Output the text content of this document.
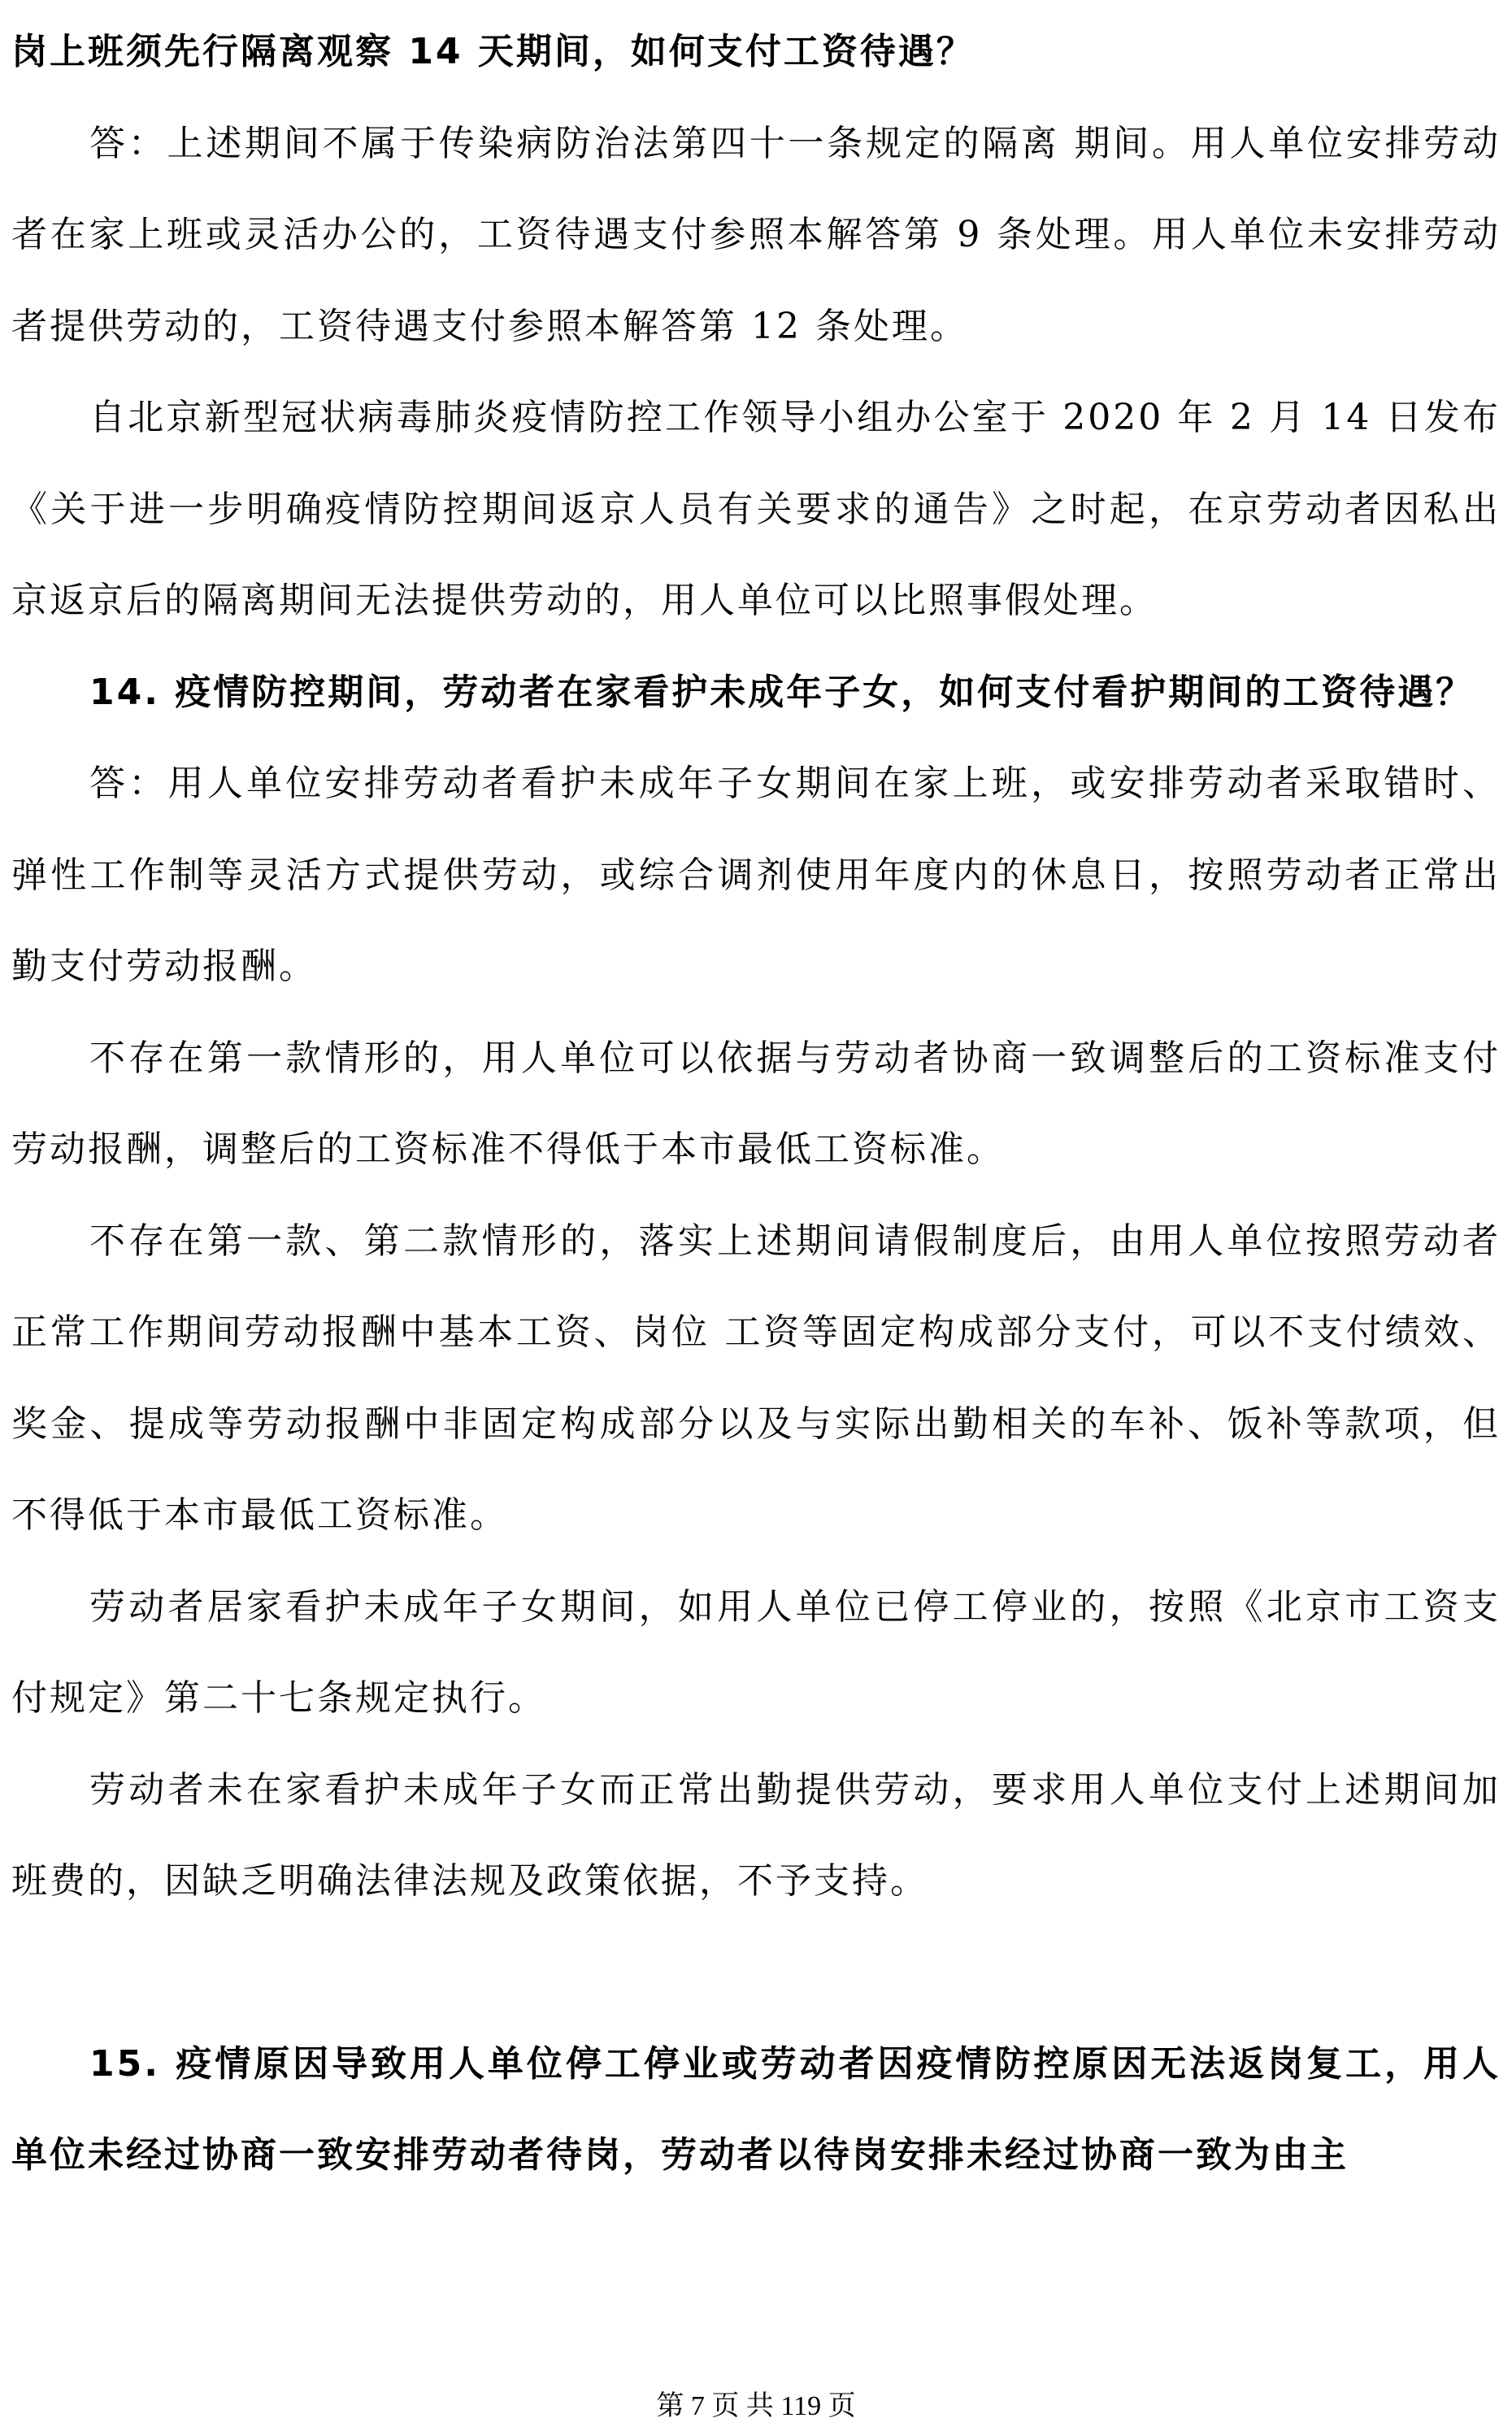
岗上班须先行隔离观察 14 天期间，如何支付工资待遇？

答：上述期间不属于传染病防治法第四十一条规定的隔离 期间。用人单位安排劳动者在家上班或灵活办公的，工资待遇支付参照本解答第 9 条处理。用人单位未安排劳动者提供劳动的，工资待遇支付参照本解答第 12 条处理。

自北京新型冠状病毒肺炎疫情防控工作领导小组办公室于 2020 年 2 月 14 日发布《关于进一步明确疫情防控期间返京人员有关要求的通告》之时起，在京劳动者因私出京返京后的隔离期间无法提供劳动的，用人单位可以比照事假处理。

14. 疫情防控期间，劳动者在家看护未成年子女，如何支付看护期间的工资待遇？

答：用人单位安排劳动者看护未成年子女期间在家上班，或安排劳动者采取错时、弹性工作制等灵活方式提供劳动，或综合调剂使用年度内的休息日，按照劳动者正常出勤支付劳动报酬。

不存在第一款情形的，用人单位可以依据与劳动者协商一致调整后的工资标准支付劳动报酬，调整后的工资标准不得低于本市最低工资标准。

不存在第一款、第二款情形的，落实上述期间请假制度后，由用人单位按照劳动者正常工作期间劳动报酬中基本工资、岗位 工资等固定构成部分支付，可以不支付绩效、奖金、提成等劳动报酬中非固定构成部分以及与实际出勤相关的车补、饭补等款项，但不得低于本市最低工资标准。

劳动者居家看护未成年子女期间，如用人单位已停工停业的，按照《北京市工资支付规定》第二十七条规定执行。

劳动者未在家看护未成年子女而正常出勤提供劳动，要求用人单位支付上述期间加班费的，因缺乏明确法律法规及政策依据，不予支持。

15. 疫情原因导致用人单位停工停业或劳动者因疫情防控原因无法返岗复工，用人单位未经过协商一致安排劳动者待岗，劳动者以待岗安排未经过协商一致为由主

第 7 页 共 119 页
